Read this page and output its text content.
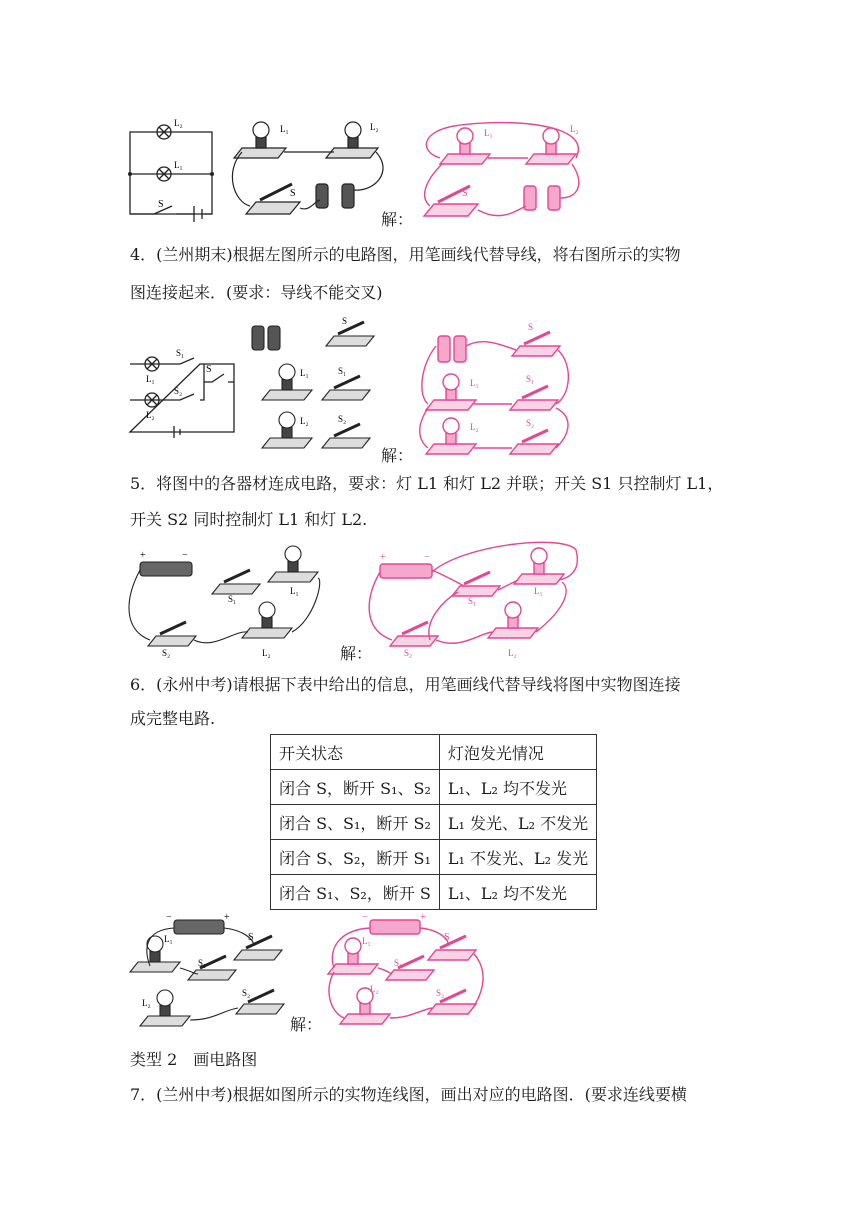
L₂
L₁
S
L₁	L₂
S
L₁	L₂
S
解：
4．(兰州期末)根据左图所示的电路图，用笔画线代替导线，将右图所示的实物
图连接起来．(要求：导线不能交叉)
S₁
S₂
S
L₁
L₂
S
L₁	S₁
L₂	S₂
L₁	S₁
L₂	S₂
S
解：
5．将图中的各器材连成电路，要求：灯 L1 和灯 L2 并联；开关 S1 只控制灯 L1，
开关 S2 同时控制灯 L1 和灯 L2.
+	−
S₁
L₁
S₂	L₂
+	−
S₁
L₁
S₂	L₂
解：
6．(永州中考)请根据下表中给出的信息，用笔画线代替导线将图中实物图连接
成完整电路.
开关状态	灯泡发光情况
闭合 S，断开 S₁、S₂	L₁、L₂ 均不发光
闭合 S、S₁，断开 S₂	L₁ 发光、L₂ 不发光
闭合 S、S₂，断开 S₁	L₁ 不发光、L₂ 发光
闭合 S₁、S₂，断开 S	L₁、L₂ 均不发光
−	+
L₁
S₁
S
L₂
S₂
−	+
L₁
S₁
S
L₂	S₂
解：
类型 2　画电路图
7．(兰州中考)根据如图所示的实物连线图，画出对应的电路图．(要求连线要横
